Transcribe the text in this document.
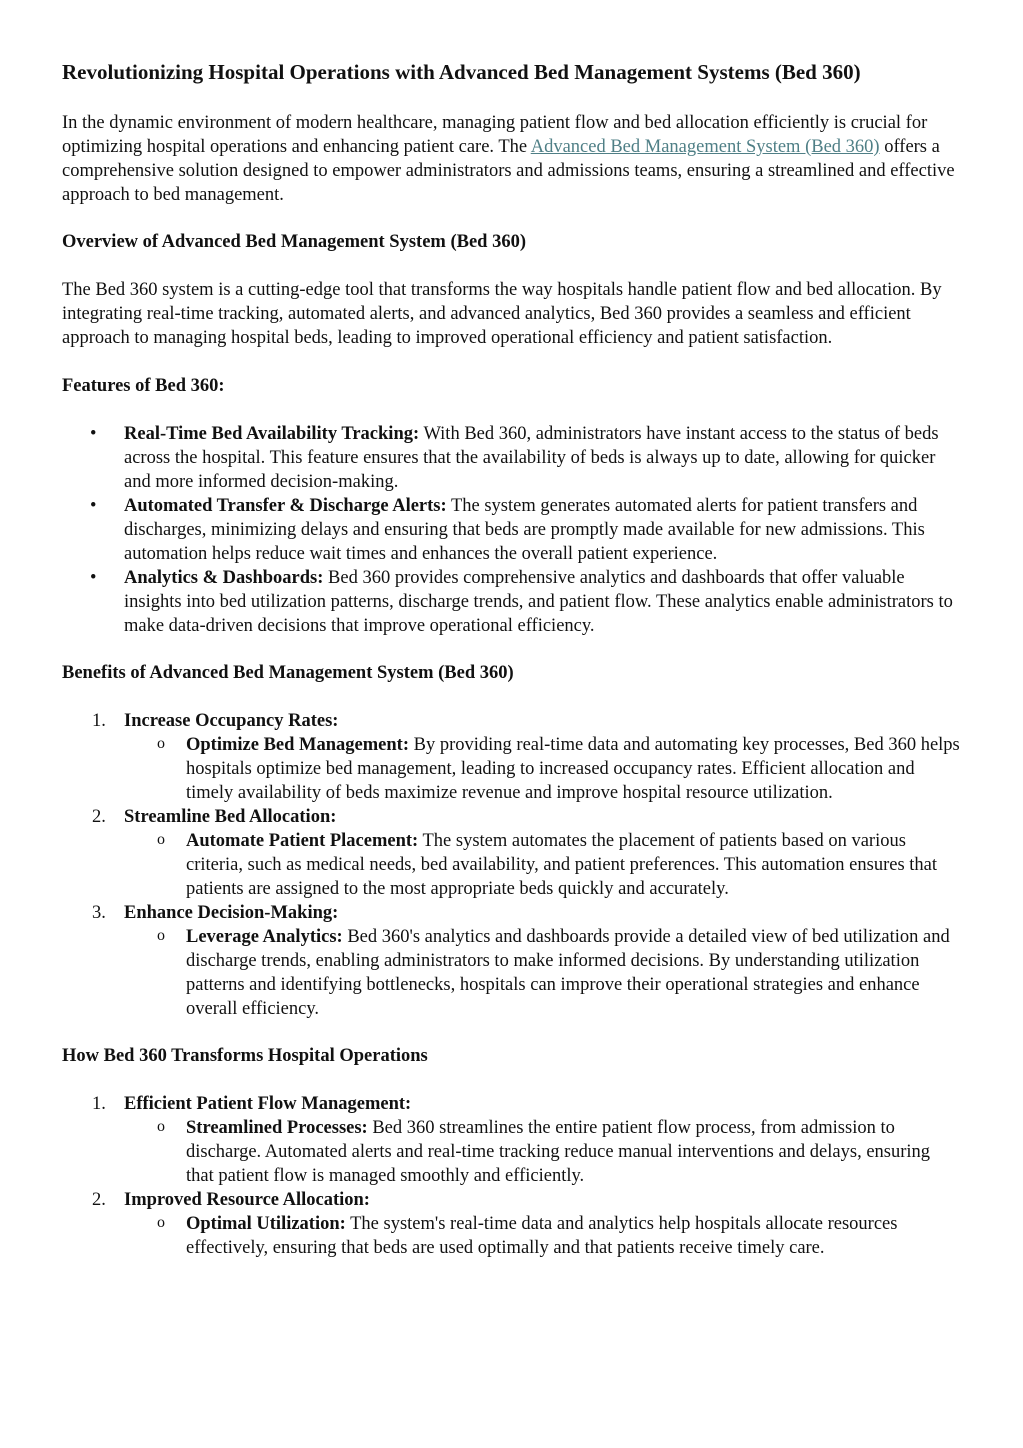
Revolutionizing Hospital Operations with Advanced Bed Management Systems (Bed 360)

In the dynamic environment of modern healthcare, managing patient flow and bed allocation efficiently is crucial for optimizing hospital operations and enhancing patient care. The Advanced Bed Management System (Bed 360) offers a comprehensive solution designed to empower administrators and admissions teams, ensuring a streamlined and effective approach to bed management.

Overview of Advanced Bed Management System (Bed 360)

The Bed 360 system is a cutting-edge tool that transforms the way hospitals handle patient flow and bed allocation. By integrating real-time tracking, automated alerts, and advanced analytics, Bed 360 provides a seamless and efficient approach to managing hospital beds, leading to improved operational efficiency and patient satisfaction.

Features of Bed 360:
• Real-Time Bed Availability Tracking: With Bed 360, administrators have instant access to the status of beds across the hospital. This feature ensures that the availability of beds is always up to date, allowing for quicker and more informed decision-making.
• Automated Transfer & Discharge Alerts: The system generates automated alerts for patient transfers and discharges, minimizing delays and ensuring that beds are promptly made available for new admissions. This automation helps reduce wait times and enhances the overall patient experience.
• Analytics & Dashboards: Bed 360 provides comprehensive analytics and dashboards that offer valuable insights into bed utilization patterns, discharge trends, and patient flow. These analytics enable administrators to make data-driven decisions that improve operational efficiency.
Benefits of Advanced Bed Management System (Bed 360)
1. Increase Occupancy Rates:
o Optimize Bed Management: By providing real-time data and automating key processes, Bed 360 helps hospitals optimize bed management, leading to increased occupancy rates. Efficient allocation and timely availability of beds maximize revenue and improve hospital resource utilization.
2. Streamline Bed Allocation:
o Automate Patient Placement: The system automates the placement of patients based on various criteria, such as medical needs, bed availability, and patient preferences. This automation ensures that patients are assigned to the most appropriate beds quickly and accurately.
3. Enhance Decision-Making:
o Leverage Analytics: Bed 360's analytics and dashboards provide a detailed view of bed utilization and discharge trends, enabling administrators to make informed decisions. By understanding utilization patterns and identifying bottlenecks, hospitals can improve their operational strategies and enhance overall efficiency.
How Bed 360 Transforms Hospital Operations
1. Efficient Patient Flow Management:
o Streamlined Processes: Bed 360 streamlines the entire patient flow process, from admission to discharge. Automated alerts and real-time tracking reduce manual interventions and delays, ensuring that patient flow is managed smoothly and efficiently.
2. Improved Resource Allocation:
o Optimal Utilization: The system's real-time data and analytics help hospitals allocate resources effectively, ensuring that beds are used optimally and that patients receive timely care.
